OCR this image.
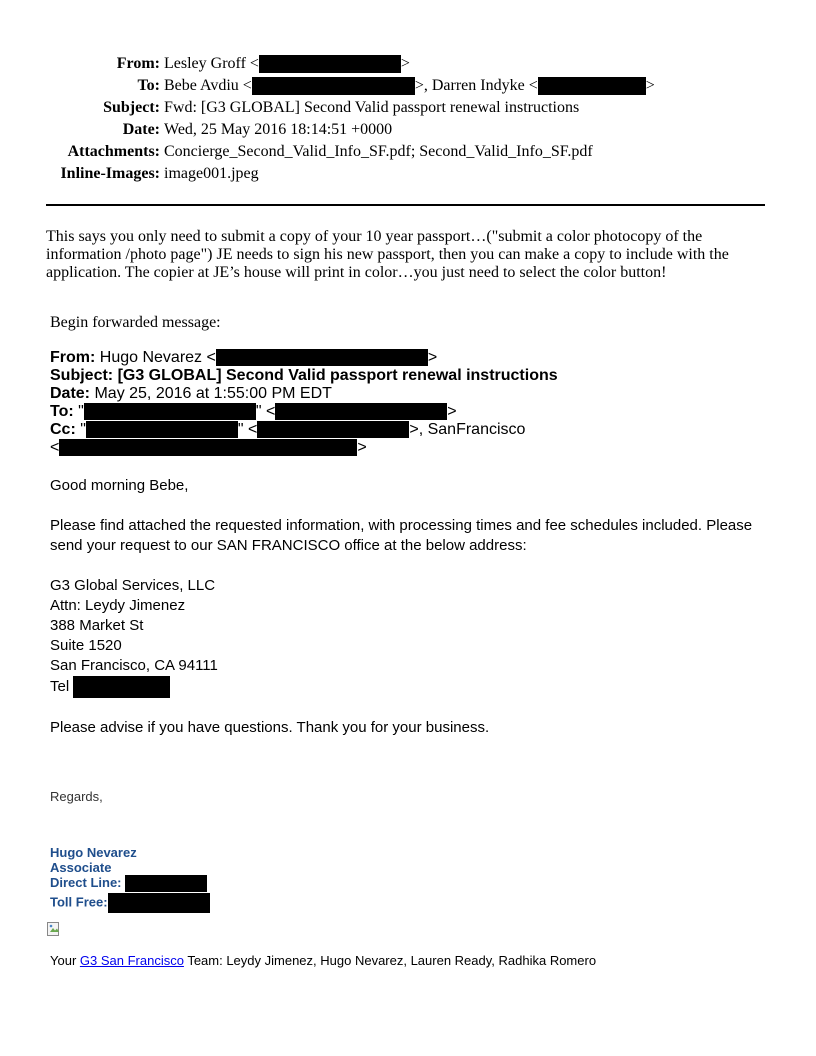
From: Lesley Groff <	>
To: Bebe Avdiu <	>, Darren Indyke <	>
Subject: Fwd: [G3 GLOBAL] Second Valid passport renewal instructions
Date: Wed, 25 May 2016 18:14:51 +0000
Attachments: Concierge_Second_Valid_Info_SF.pdf; Second_Valid_Info_SF.pdf
Inline-Images: image001.jpeg
This says you only need to submit a copy of your 10 year passport…("submit a color photocopy of the information /photo page") JE needs to sign his new passport, then you can make a copy to include with the application. The copier at JE’s house will print in color…you just need to select the color button!
Begin forwarded message:
From: Hugo Nevarez <	>
Subject: [G3 GLOBAL] Second Valid passport renewal instructions
Date: May 25, 2016 at 1:55:00 PM EDT
To: "	" <	>
Cc: "	" <	>, SanFrancisco
<	>

Good morning Bebe,

Please find attached the requested information, with processing times and fee schedules included. Please send your request to our SAN FRANCISCO office at the below address:

G3 Global Services, LLC

Attn: Leydy Jimenez

388 Market St

Suite 1520

San Francisco, CA 94111

Tel

Please advise if you have questions. Thank you for your business.

Regards,
Hugo Nevarez
Associate
Direct Line:
Toll Free:
Your G3 San Francisco Team: Leydy Jimenez, Hugo Nevarez, Lauren Ready, Radhika Romero
